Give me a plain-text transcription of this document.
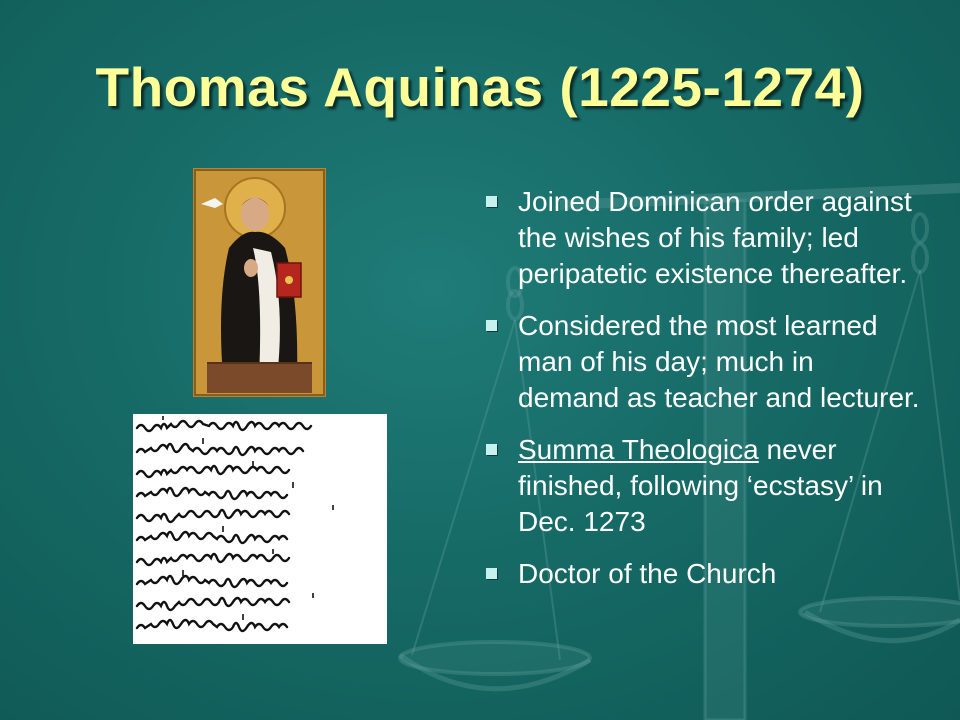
Thomas Aquinas (1225-1274)
Joined Dominican order against the wishes of his family; led peripatetic existence thereafter.
Considered the most learned man of his day; much in demand as teacher and lecturer.
Summa Theologica never finished, following ‘ecstasy’ in Dec. 1273
Doctor of the Church
